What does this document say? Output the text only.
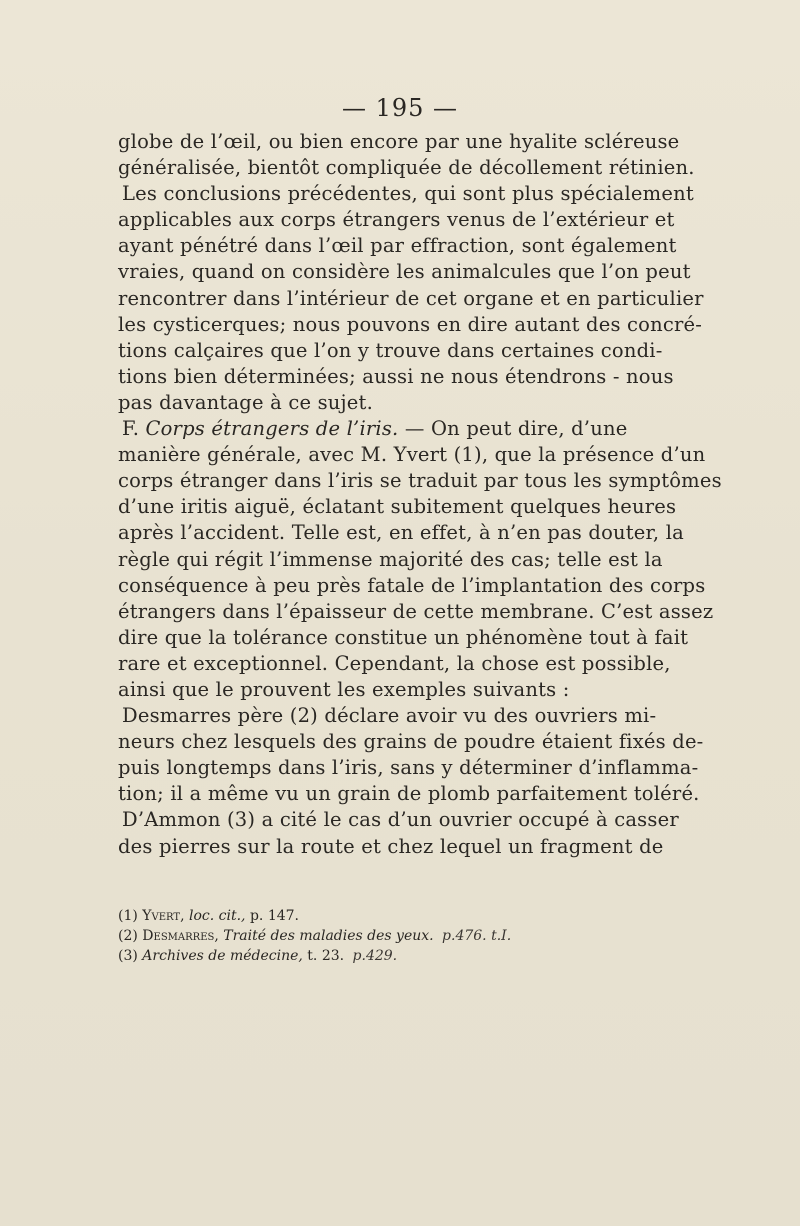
— 195 —
globe de l’œil, ou bien encore par une hyalite scléreuse
généralisée, bientôt compliquée de décollement rétinien.
Les conclusions précédentes, qui sont plus spécialement
applicables aux corps étrangers venus de l’extérieur et
ayant pénétré dans l’œil par effraction, sont également
vraies, quand on considère les animalcules que l’on peut
rencontrer dans l’intérieur de cet organe et en particulier
les cysticerques; nous pouvons en dire autant des concré-
tions calçaires que l’on y trouve dans certaines condi-
tions bien déterminées; aussi ne nous étendrons - nous
pas davantage à ce sujet.
F. Corps étrangers de l’iris. — On peut dire, d’une
manière générale, avec M. Yvert (1), que la présence d’un
corps étranger dans l’iris se traduit par tous les symptômes
d’une iritis aiguë, éclatant subitement quelques heures
après l’accident. Telle est, en effet, à n’en pas douter, la
règle qui régit l’immense majorité des cas; telle est la
conséquence à peu près fatale de l’implantation des corps
étrangers dans l’épaisseur de cette membrane. C’est assez
dire que la tolérance constitue un phénomène tout à fait
rare et exceptionnel. Cependant, la chose est possible,
ainsi que le prouvent les exemples suivants :
Desmarres père (2) déclare avoir vu des ouvriers mi-
neurs chez lesquels des grains de poudre étaient fixés de-
puis longtemps dans l’iris, sans y déterminer d’inflamma-
tion; il a même vu un grain de plomb parfaitement toléré.
D’Ammon (3) a cité le cas d’un ouvrier occupé à casser
des pierres sur la route et chez lequel un fragment de
(1) Yvert, loc. cit., p. 147.
(2) Desmarres, Traité des maladies des yeux. p.476. t.I.
(3) Archives de médecine, t. 23. p.429.
